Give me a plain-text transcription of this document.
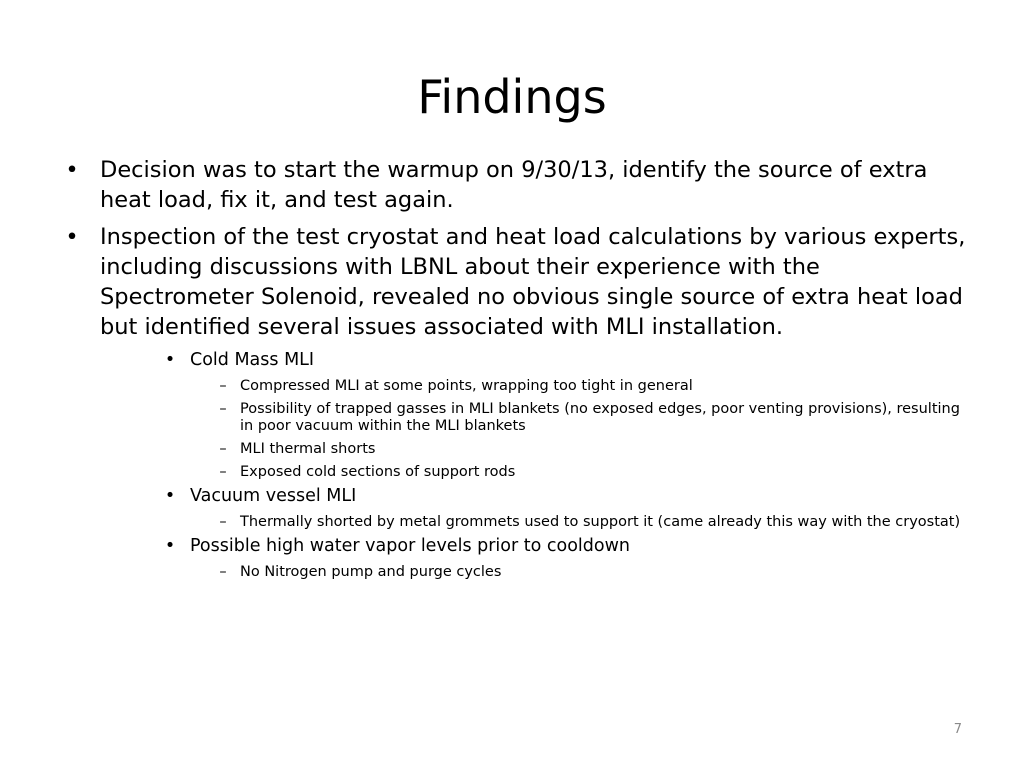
Findings
• Decision was to start the warmup on 9/30/13, identify the source of extra heat load, fix it, and test again.
• Inspection of the test cryostat and heat load calculations by various experts, including discussions with LBNL about their experience with the Spectrometer Solenoid, revealed no obvious single source of extra heat load but identified several issues associated with MLI installation.
• Cold Mass MLI
– Compressed MLI at some points, wrapping too tight in general
– Possibility of trapped gasses in MLI blankets (no exposed edges, poor venting provisions), resulting in poor vacuum within the MLI blankets
– MLI thermal shorts
– Exposed cold sections of support rods
• Vacuum vessel MLI
– Thermally shorted by metal grommets used to support it (came already this way with the cryostat)
• Possible high water vapor levels prior to cooldown
– No Nitrogen pump and purge cycles
7
